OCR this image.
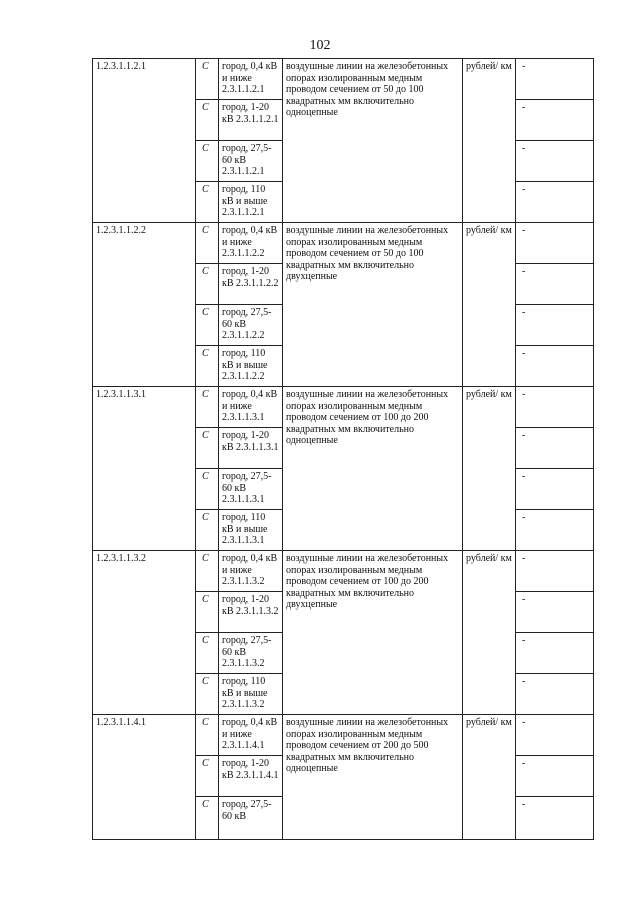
102
1.2.3.1.1.2.1	С	город, 0,4 кВ и ниже 2.3.1.1.2.1	воздушные линии на железобетонных опорах изолированным медным проводом сечением от 50 до 100 квадратных мм включительно одноцепные	рублей/ км	-
	С	город, 1-20 кВ 2.3.1.1.2.1			-
	С	город, 27,5-60 кВ 2.3.1.1.2.1			-
	С	город, 110 кВ и выше 2.3.1.1.2.1			-
1.2.3.1.1.2.2	С	город, 0,4 кВ и ниже 2.3.1.1.2.2	воздушные линии на железобетонных опорах изолированным медным проводом сечением от 50 до 100 квадратных мм включительно двухцепные	рублей/ км	-
	С	город, 1-20 кВ 2.3.1.1.2.2			-
	С	город, 27,5-60 кВ 2.3.1.1.2.2			-
	С	город, 110 кВ и выше 2.3.1.1.2.2			-
1.2.3.1.1.3.1	С	город, 0,4 кВ и ниже 2.3.1.1.3.1	воздушные линии на железобетонных опорах изолированным медным проводом сечением от 100 до 200 квадратных мм включительно одноцепные	рублей/ км	-
	С	город, 1-20 кВ 2.3.1.1.3.1			-
	С	город, 27,5-60 кВ 2.3.1.1.3.1			-
	С	город, 110 кВ и выше 2.3.1.1.3.1			-
1.2.3.1.1.3.2	С	город, 0,4 кВ и ниже 2.3.1.1.3.2	воздушные линии на железобетонных опорах изолированным медным проводом сечением от 100 до 200 квадратных мм включительно двухцепные	рублей/ км	-
	С	город, 1-20 кВ 2.3.1.1.3.2			-
	С	город, 27,5-60 кВ 2.3.1.1.3.2			-
	С	город, 110 кВ и выше 2.3.1.1.3.2			-
1.2.3.1.1.4.1	С	город, 0,4 кВ и ниже 2.3.1.1.4.1	воздушные линии на железобетонных опорах изолированным медным проводом сечением от 200 до 500 квадратных мм включительно одноцепные	рублей/ км	-
	С	город, 1-20 кВ 2.3.1.1.4.1			-
	С	город, 27,5-60 кВ			-
